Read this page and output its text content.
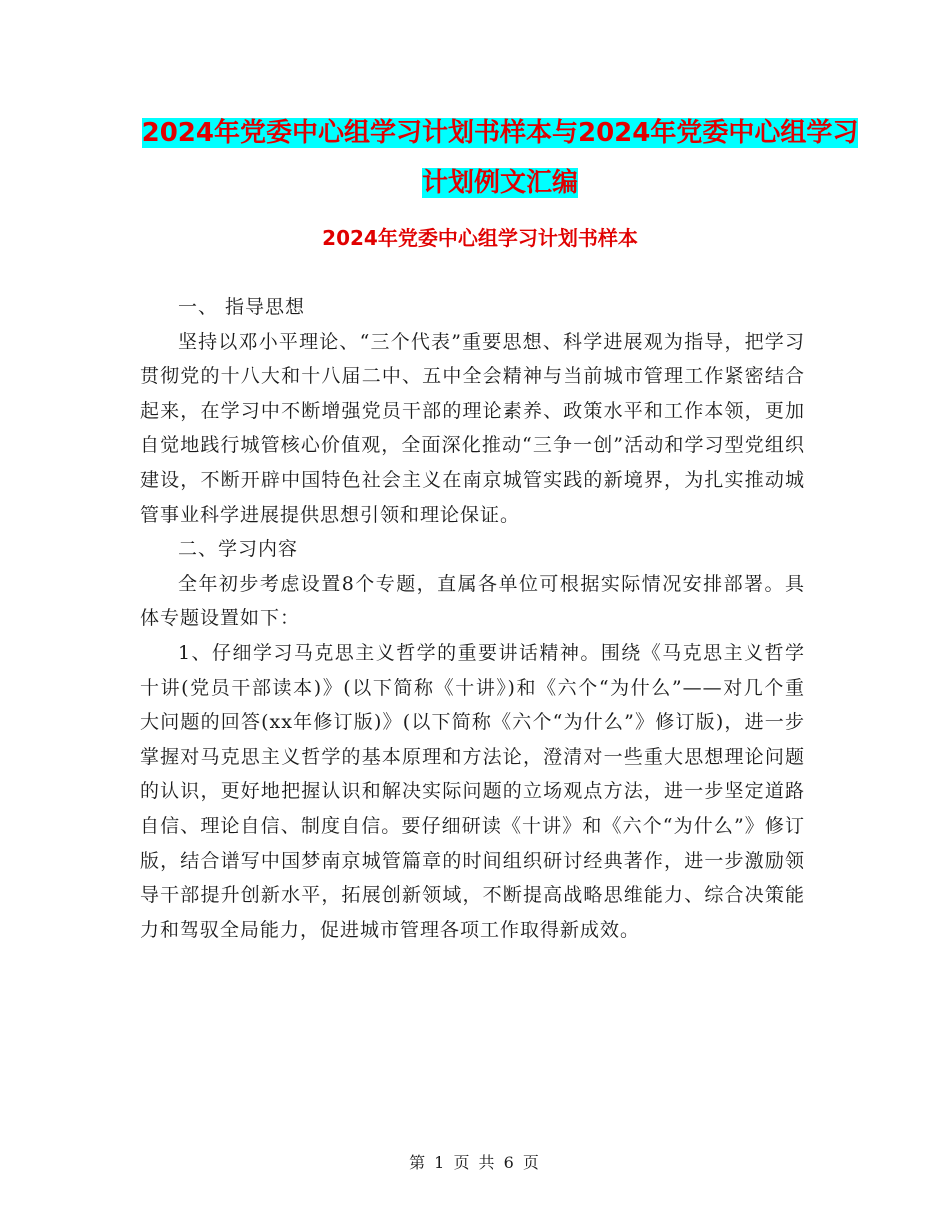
2024年党委中心组学习计划书样本与2024年党委中心组学习计划例文汇编
2024年党委中心组学习计划书样本

一、 指导思想

坚持以邓小平理论、“三个代表”重要思想、科学进展观为指导，把学习贯彻党的十八大和十八届二中、五中全会精神与当前城市管理工作紧密结合起来，在学习中不断增强党员干部的理论素养、政策水平和工作本领，更加自觉地践行城管核心价值观，全面深化推动“三争一创”活动和学习型党组织建设，不断开辟中国特色社会主义在南京城管实践的新境界，为扎实推动城管事业科学进展提供思想引领和理论保证。

二、学习内容

全年初步考虑设置8个专题，直属各单位可根据实际情况安排部署。具体专题设置如下：

1、仔细学习马克思主义哲学的重要讲话精神。围绕《马克思主义哲学十讲(党员干部读本)》(以下简称《十讲》)和《六个“为什么”——对几个重大问题的回答(xx年修订版)》(以下简称《六个“为什么”》修订版)，进一步掌握对马克思主义哲学的基本原理和方法论，澄清对一些重大思想理论问题的认识，更好地把握认识和解决实际问题的立场观点方法，进一步坚定道路自信、理论自信、制度自信。要仔细研读《十讲》和《六个“为什么”》修订版，结合谱写中国梦南京城管篇章的时间组织研讨经典著作，进一步激励领导干部提升创新水平，拓展创新领域，不断提高战略思维能力、综合决策能力和驾驭全局能力，促进城市管理各项工作取得新成效。

第 1 页 共 6 页
